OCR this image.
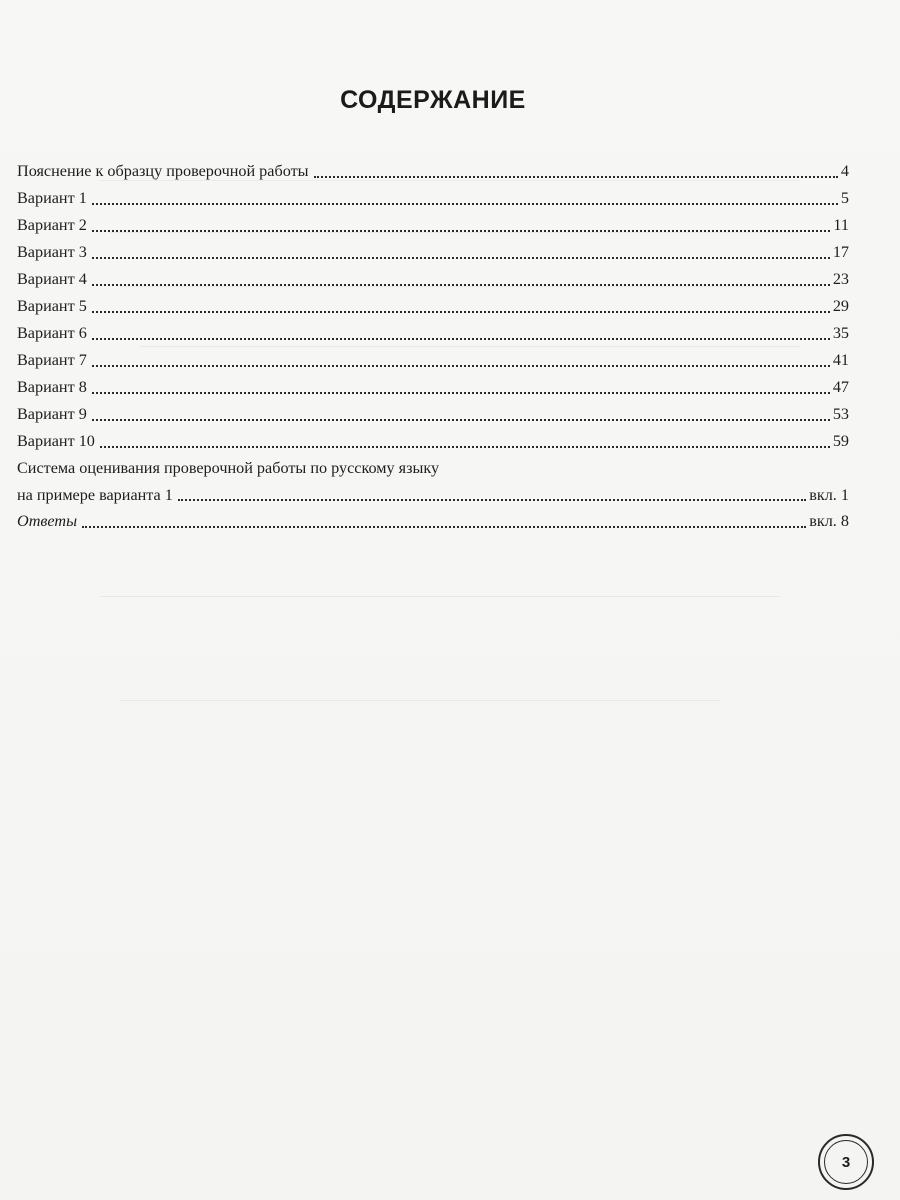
СОДЕРЖАНИЕ
Пояснение к образцу проверочной работы	4
Вариант 1	5
Вариант 2	11
Вариант 3	17
Вариант 4	23
Вариант 5	29
Вариант 6	35
Вариант 7	41
Вариант 8	47
Вариант 9	53
Вариант 10	59
Система оценивания проверочной работы по русскому языку
на примере варианта 1	вкл. 1
Ответы	вкл. 8
3
